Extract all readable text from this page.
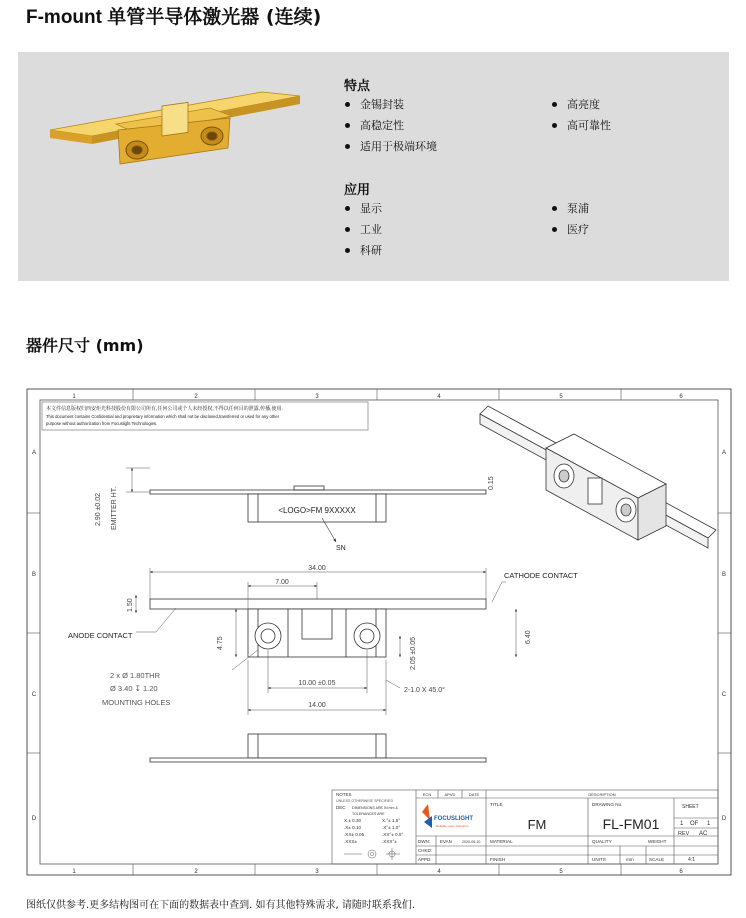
F-mount 单管半导体激光器 (连续)
特点
金锡封装
高稳定性
适用于极端环境
高亮度
高可靠性
应用
显示
工业
科研
泵浦
医疗
器件尺寸 (mm)
1	2	3	4	5	6
1	2	3	4	5	6
A
B
C
D
A
B
C
D
本文件信息版权归西安炬光科技股份有限公司所有,任何公司或个人未经授权,不得以任何目的泄露,传播,使用.
This document contains Confidential and proprietary information which shall not be disclosed,transferred or used for any other
purpose without authorization from Focuslight Technologies.
<LOGO>FM 9XXXXX
SN
2.90 ±0.02 EMITTER HT.
0.15
34.00
7.00
1.50
CATHODE CONTACT
ANODE CONTACT
4.75	2.05 ±0.05	6.40
2 x Ø 1.80THR
Ø 3.40 ↧ 1.20
MOUNTING HOLES
10.00 ±0.05
2-1.0 X 45.0°
14.00
NOTES
UNLESS OTHERWISE SPECIFIED
DEC DIMENSIONS ARE IN mm &
TOLERANCES ARE
X.± 0.30
.X± 0.10
.XX± 0.05
.XXX±
X.°± 1.5°
.X°± 1.0°
.XX°± 0.5°
.XXX°±
ECN	APVD	DATE	DESCRIPTION
TITLE	DRAWING No.	SHEET
FM	FL-FM01	1 OF 1
REV AC
FOCUSLIGHT
Reliable Laser Solutions
DWN: EVAN	2020-05-10
CHKD:
APPD:
MATERIAL
FINISH
QUALITY	WEIGHT
UNITS	mm	SCALE	4:1
图纸仅供参考.更多结构图可在下面的数据表中查到. 如有其他特殊需求, 请随时联系我们.
